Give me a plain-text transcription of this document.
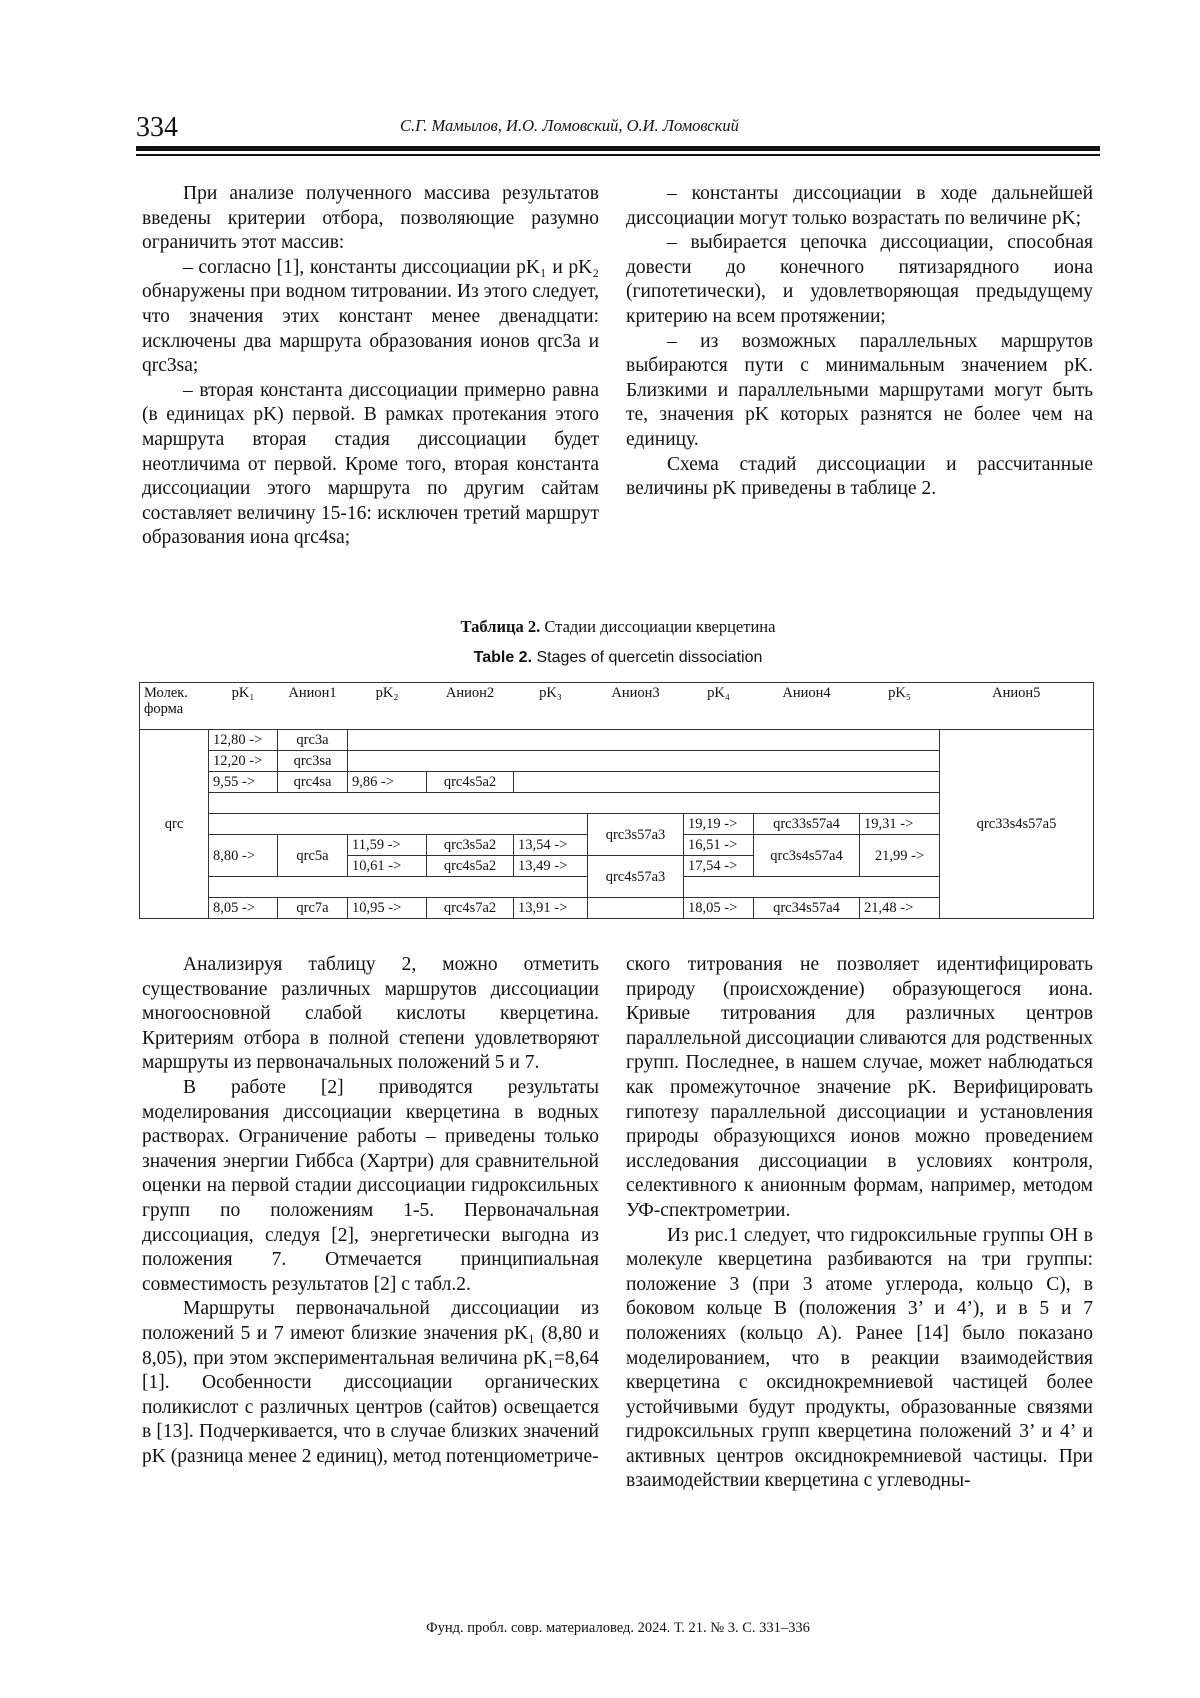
334	С.Г. Мамылов, И.О. Ломовский, О.И. Ломовский

При анализе полученного массива результатов введены критерии отбора, позволяющие разумно ограничить этот массив:

– согласно [1], константы диссоциации pK₁ и pK₂ обнаружены при водном титровании. Из этого следует, что значения этих констант менее двенадцати: исключены два маршрута образования ионов qrc3a и qrc3sa;

– вторая константа диссоциации примерно равна (в единицах pK) первой. В рамках протекания этого маршрута вторая стадия диссоциации будет неотличима от первой. Кроме того, вторая константа диссоциации этого маршрута по другим сайтам составляет величину 15-16: исключен третий маршрут образования иона qrc4sa;

– константы диссоциации в ходе дальнейшей диссоциации могут только возрастать по величине pK;

– выбирается цепочка диссоциации, способная довести до конечного пятизарядного иона (гипотетически), и удовлетворяющая предыдущему критерию на всем протяжении;

– из возможных параллельных маршрутов выбираются пути с минимальным значением pK. Близкими и параллельными маршрутами могут быть те, значения pK которых разнятся не более чем на единицу.

Схема стадий диссоциации и рассчитанные величины pK приведены в таблице 2.

Таблица 2. Стадии диссоциации кверцетина
Table 2. Stages of quercetin dissociation
Молек. форма	pK₁	Анион1	pK₂	Анион2	pK₃	Анион3	pK₄	Анион4	pK₅	Анион5
qrc	12,80 ->	qrc3a								qrc33s4s57a5
	12,20 ->	qrc3sa								
	9,55 ->	qrc4sa	9,86 ->	qrc4s5a2						

						qrc3s57a3	19,19 ->	qrc33s57a4	19,31 ->	
	8,80 ->	qrc5a	11,59 ->	qrc3s5a2	13,54 ->		16,51 ->	qrc3s4s57a4	21,99 ->	
			10,61 ->	qrc4s5a2	13,49 ->	qrc4s57a3	17,54 ->			

	8,05 ->	qrc7a	10,95 ->	qrc4s7a2	13,91 ->		18,05 ->	qrc34s57a4	21,48 ->	

Анализируя таблицу 2, можно отметить существование различных маршрутов диссоциации многоосновной слабой кислоты кверцетина. Критериям отбора в полной степени удовлетворяют маршруты из первоначальных положений 5 и 7.

В работе [2] приводятся результаты моделирования диссоциации кверцетина в водных растворах. Ограничение работы – приведены только значения энергии Гиббса (Хартри) для сравнительной оценки на первой стадии диссоциации гидроксильных групп по положениям 1-5. Первоначальная диссоциация, следуя [2], энергетически выгодна из положения 7. Отмечается принципиальная совместимость результатов [2] с табл.2.

Маршруты первоначальной диссоциации из положений 5 и 7 имеют близкие значения pK₁ (8,80 и 8,05), при этом экспериментальная величина pK₁=8,64 [1]. Особенности диссоциации органических поликислот с различных центров (сайтов) освещается в [13]. Подчеркивается, что в случае близких значений pK (разница менее 2 единиц), метод потенциометриче-

ского титрования не позволяет идентифицировать природу (происхождение) образующегося иона. Кривые титрования для различных центров параллельной диссоциации сливаются для родственных групп. Последнее, в нашем случае, может наблюдаться как промежуточное значение pK. Верифицировать гипотезу параллельной диссоциации и установления природы образующихся ионов можно проведением исследования диссоциации в условиях контроля, селективного к анионным формам, например, методом УФ-спектрометрии.

Из рис.1 следует, что гидроксильные группы OH в молекуле кверцетина разбиваются на три группы: положение 3 (при 3 атоме углерода, кольцо С), в боковом кольце В (положения 3’ и 4’), и в 5 и 7 положениях (кольцо А). Ранее [14] было показано моделированием, что в реакции взаимодействия кверцетина с оксиднокремниевой частицей более устойчивыми будут продукты, образованные связями гидроксильных групп кверцетина положений 3’ и 4’ и активных центров оксиднокремниевой частицы. При взаимодействии кверцетина с углеводны-

Фунд. пробл. совр. материаловед. 2024. Т. 21. № 3. С. 331–336
